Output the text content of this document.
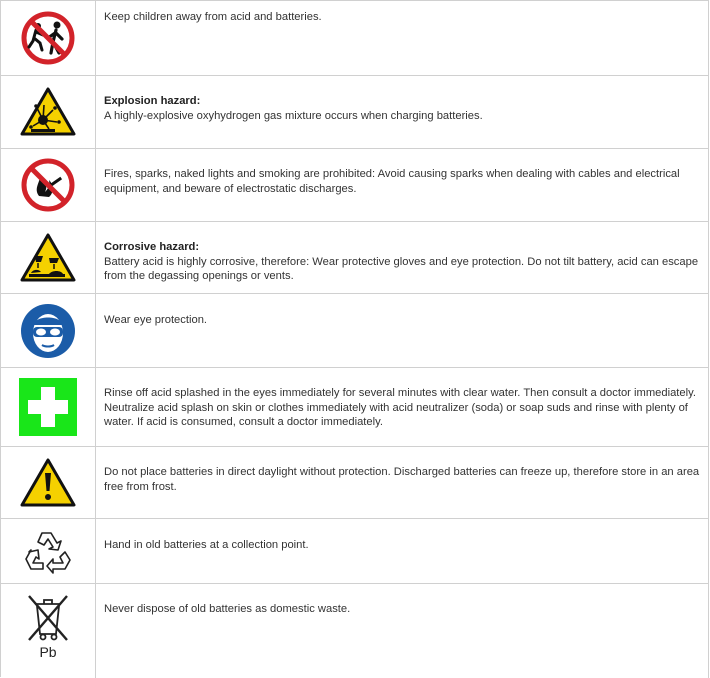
Keep children away from acid and batteries.
Explosion hazard:
A highly-explosive oxyhydrogen gas mixture occurs when charging batteries.
Fires, sparks, naked lights and smoking are prohibited: Avoid causing sparks when dealing with cables and electrical equipment, and beware of electrostatic discharges.
Corrosive hazard:
Battery acid is highly corrosive, therefore: Wear protective gloves and eye protection. Do not tilt battery, acid can escape from the degassing openings or vents.
Wear eye protection.
Rinse off acid splashed in the eyes immediately for several minutes with clear water. Then consult a doctor immediately. Neutralize acid splash on skin or clothes immediately with acid neutralizer (soda) or soap suds and rinse with plenty of water. If acid is consumed, consult a doctor immediately.
Do not place batteries in direct daylight without protection. Discharged batteries can freeze up, therefore store in an area free from frost.
Hand in old batteries at a collection point.
Pb
Never dispose of old batteries as domestic waste.
